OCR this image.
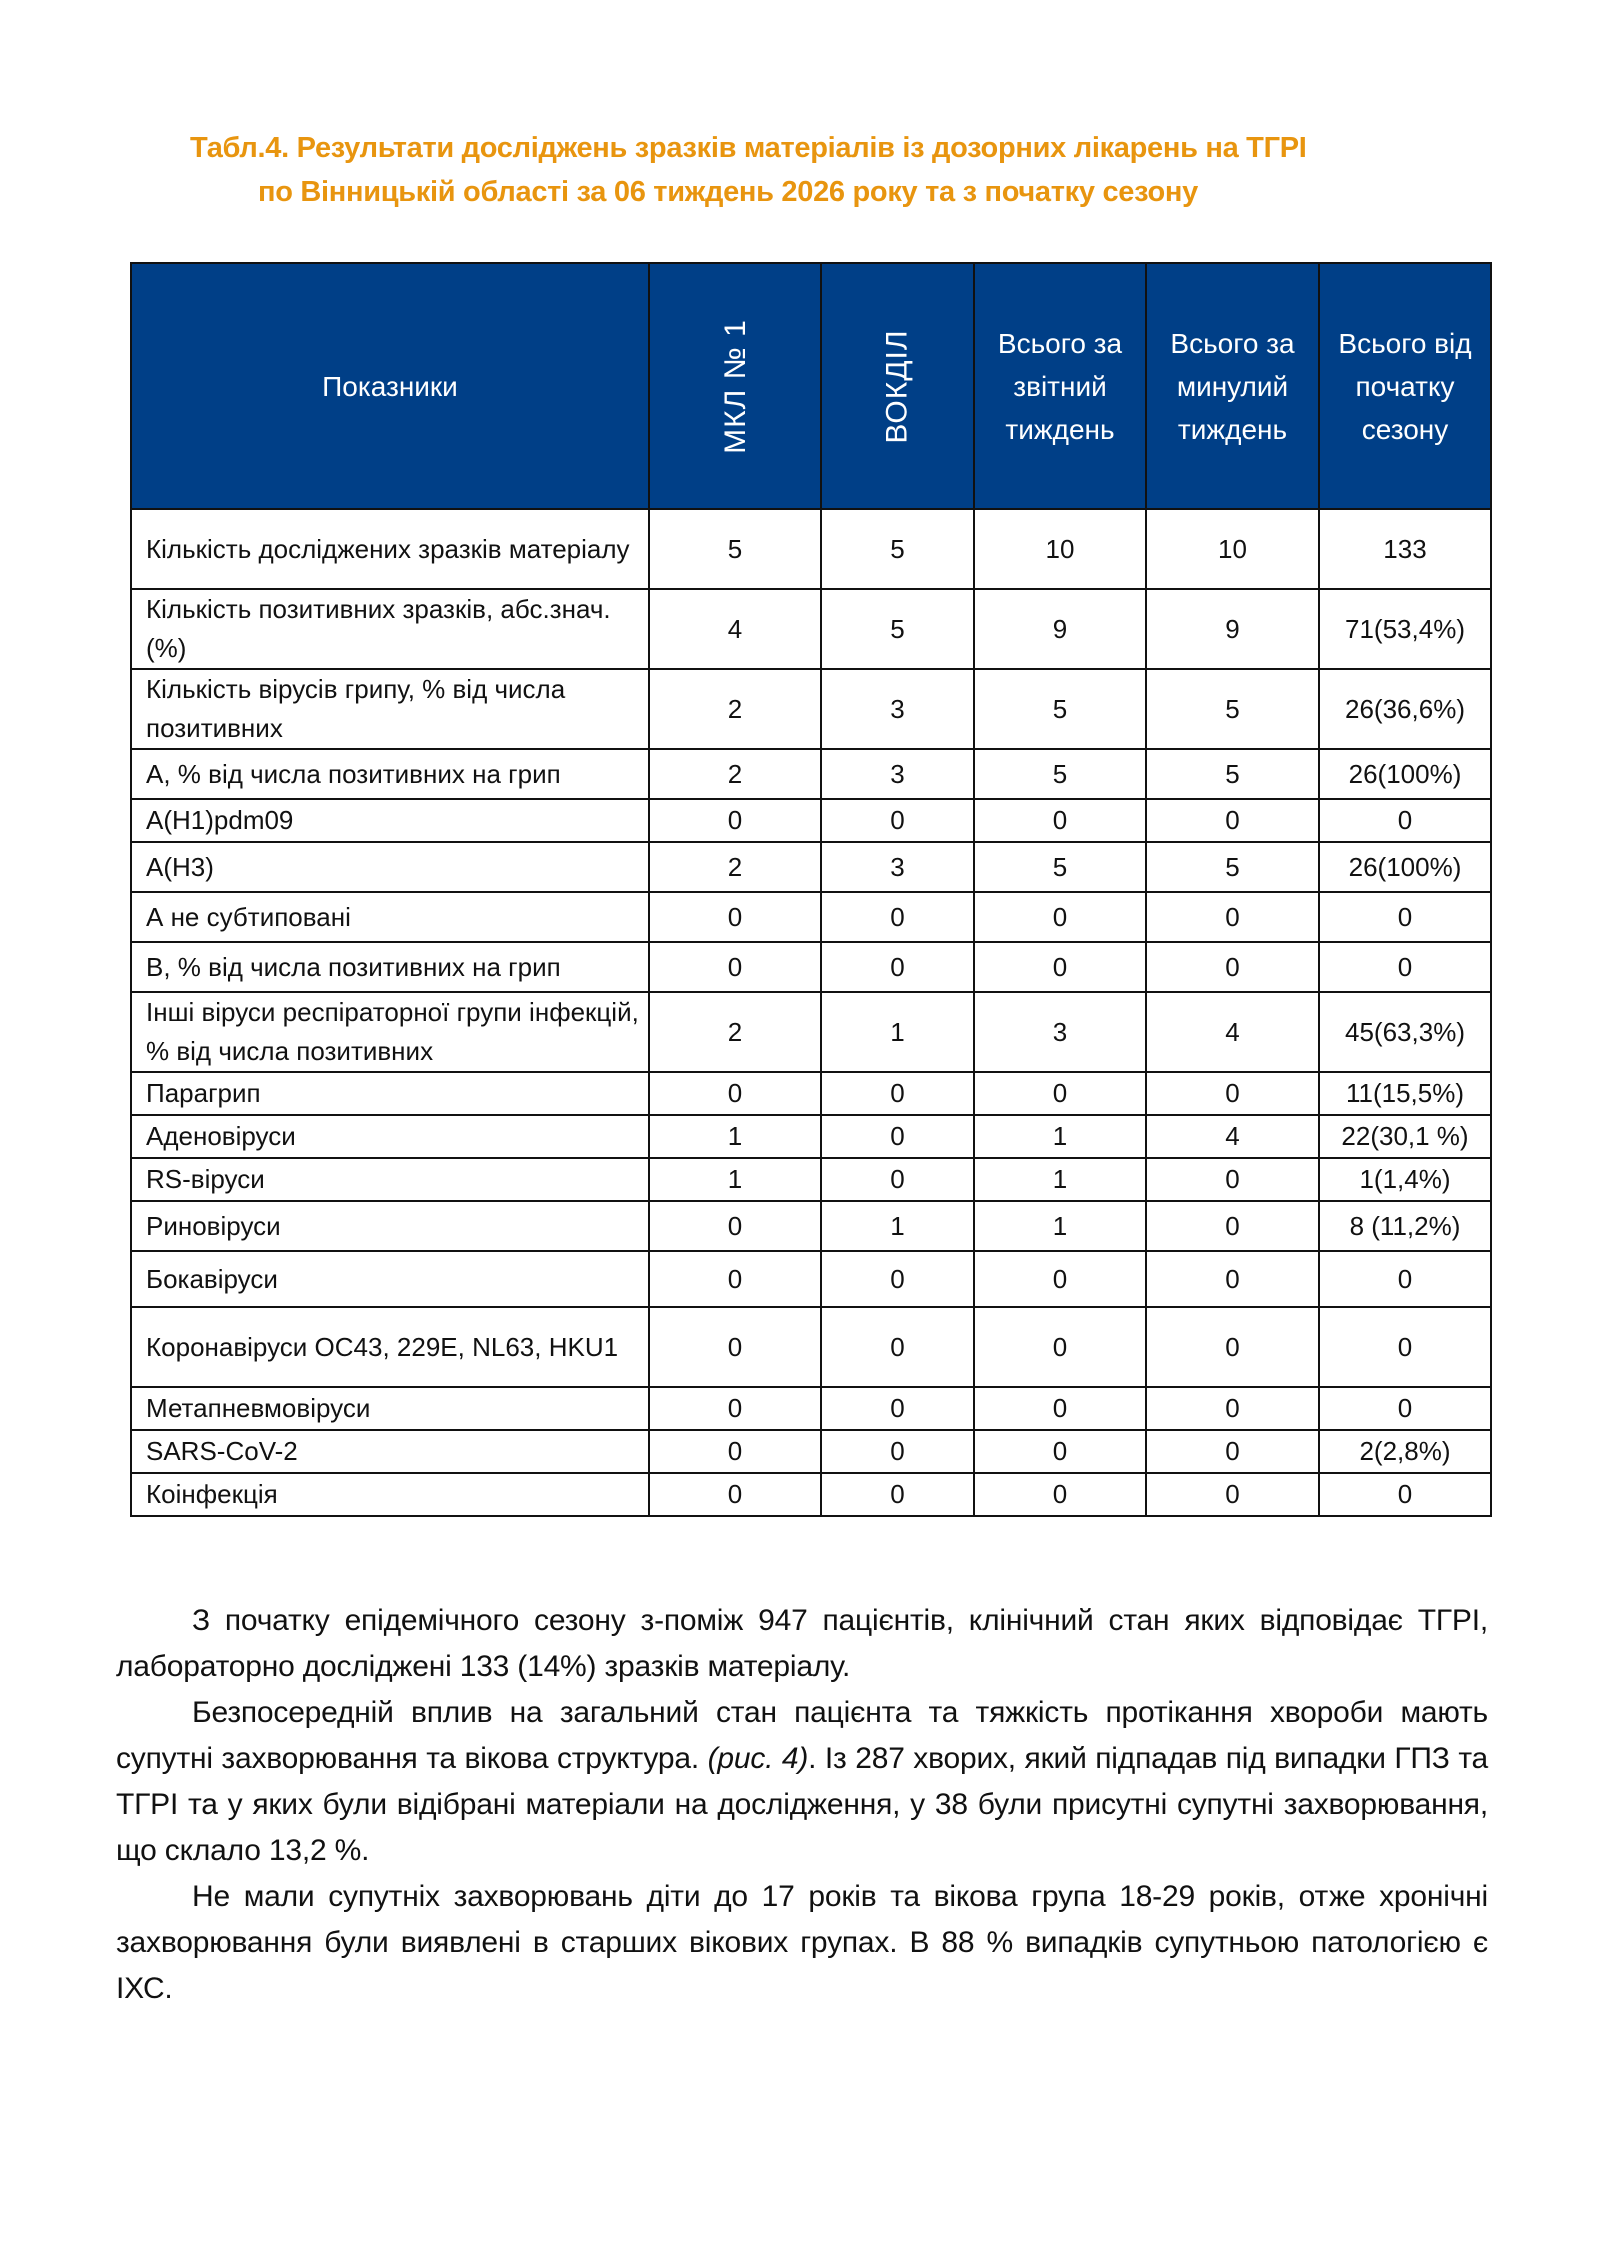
Табл.4. Результати досліджень зразків матеріалів із дозорних лікарень на ТГРІ
по Вінницькій області за 06 тиждень 2026 року та з початку сезону
Показники	МКЛ № 1	ВОКДІЛ	Всього за звітний тиждень	Всього за минулий тиждень	Всього від початку сезону
Кількість досліджених зразків матеріалу	5	5	10	10	133
Кількість позитивних зразків, абс.знач. (%)	4	5	9	9	71(53,4%)
Кількість вірусів грипу, % від числа позитивних	2	3	5	5	26(36,6%)
А, % від числа позитивних на грип	2	3	5	5	26(100%)
А(Н1)pdm09	0	0	0	0	0
А(Н3)	2	3	5	5	26(100%)
А не субтиповані	0	0	0	0	0
В, % від числа позитивних на грип	0	0	0	0	0
Інші віруси респіраторної групи інфекцій, % від числа позитивних	2	1	3	4	45(63,3%)
Парагрип	0	0	0	0	11(15,5%)
Аденовіруси	1	0	1	4	22(30,1 %)
RS-віруси	1	0	1	0	1(1,4%)
Риновіруси	0	1	1	0	8 (11,2%)
Бокавіруси	0	0	0	0	0
Коронавіруси ОС43, 229Е, NL63, HKU1	0	0	0	0	0
Метапневмовіруси	0	0	0	0	0
SARS-CoV-2	0	0	0	0	2(2,8%)
Коінфекція	0	0	0	0	0

З початку епідемічного сезону з-поміж 947 пацієнтів, клінічний стан яких відповідає ТГРІ, лабораторно досліджені 133 (14%) зразків матеріалу.

Безпосередній вплив на загальний стан пацієнта та тяжкість протікання хвороби мають супутні захворювання та вікова структура. (рис. 4). Із 287 хворих, який підпадав під випадки ГПЗ та ТГРІ та у яких були відібрані матеріали на дослідження, у 38 були присутні супутні захворювання, що склало 13,2 %.

Не мали супутніх захворювань діти до 17 років та вікова група 18-29 років, отже хронічні захворювання були виявлені в старших вікових групах. В 88 % випадків супутньою патологією є ІХС.
